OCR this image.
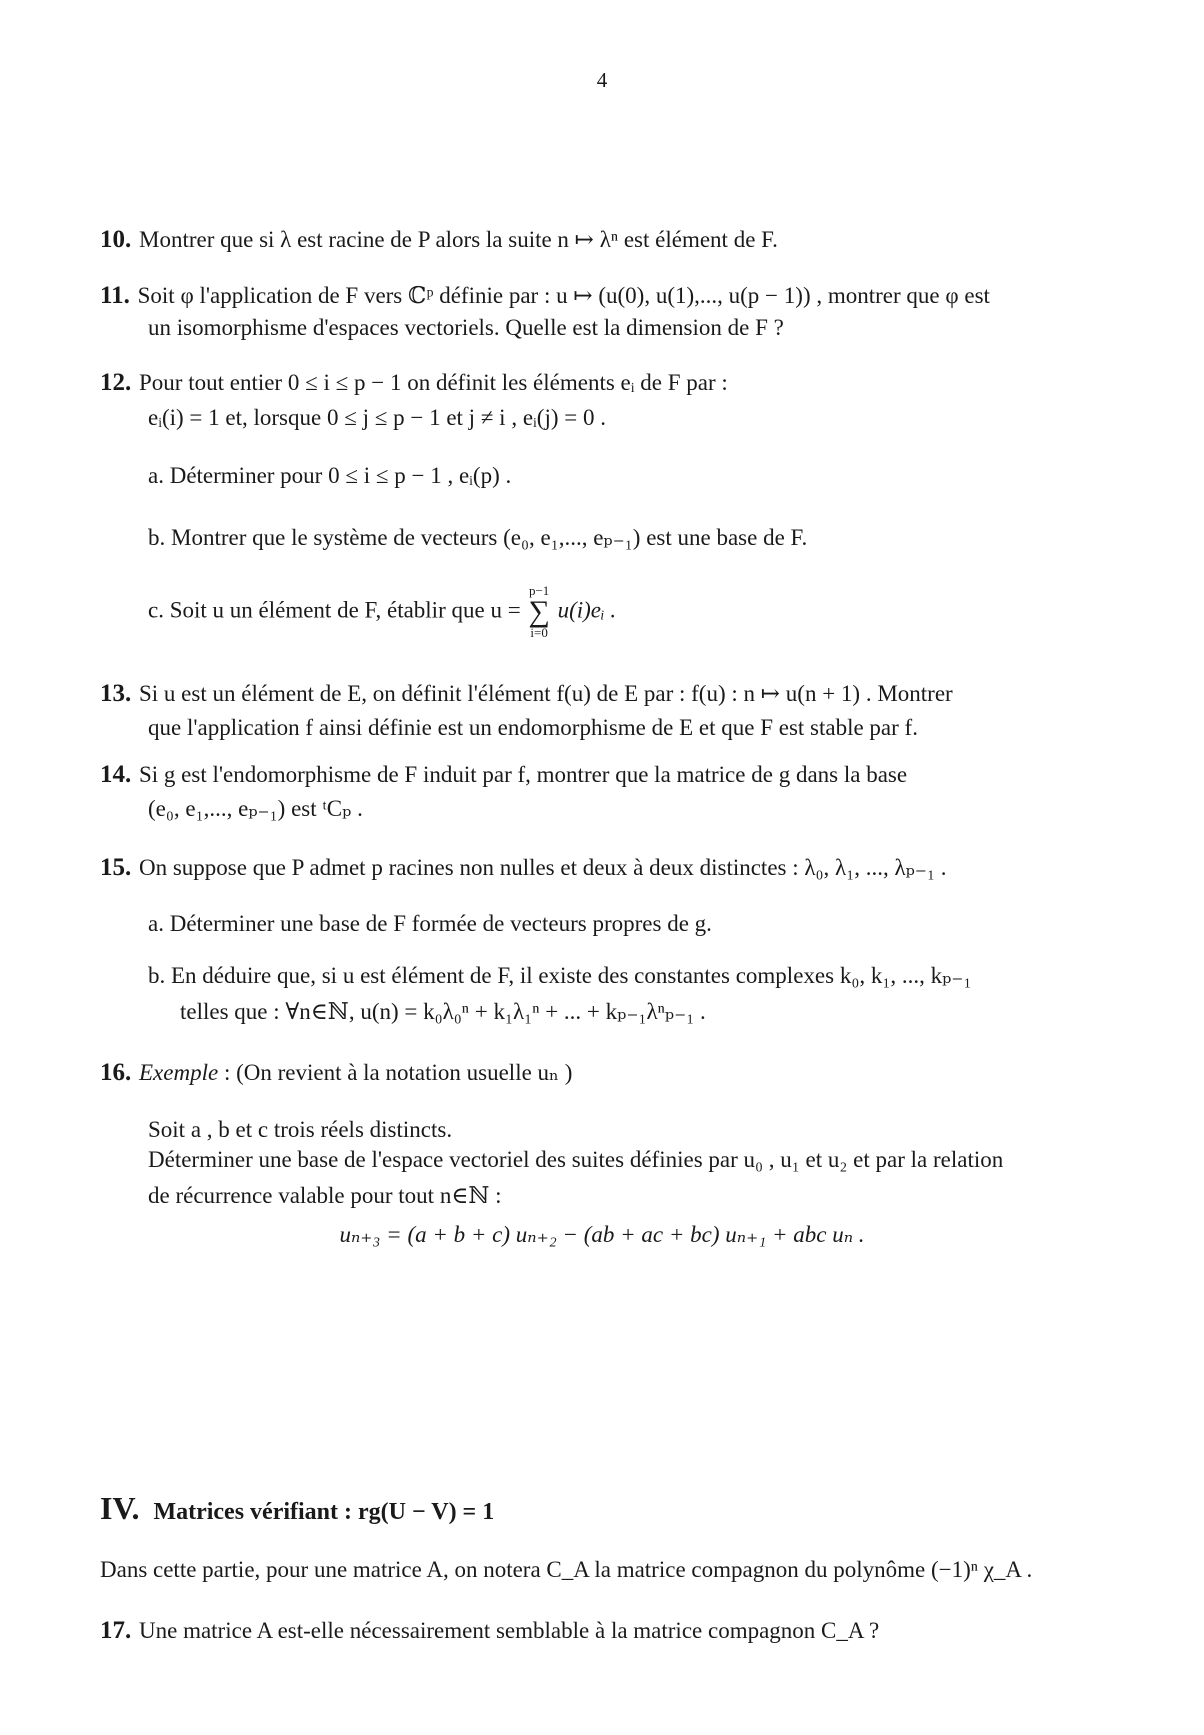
4
10. Montrer que si λ est racine de P alors la suite n ↦ λⁿ est élément de F.
11. Soit φ l'application de F vers ℂᵖ définie par : u ↦ (u(0), u(1),..., u(p − 1)) , montrer que φ est
un isomorphisme d'espaces vectoriels. Quelle est la dimension de F ?
12. Pour tout entier 0 ≤ i ≤ p − 1 on définit les éléments eᵢ de F par :
eᵢ(i) = 1 et, lorsque 0 ≤ j ≤ p − 1 et j ≠ i , eᵢ(j) = 0 .
a. Déterminer pour 0 ≤ i ≤ p − 1 , eᵢ(p) .
b. Montrer que le système de vecteurs (e₀, e₁,..., eₚ₋₁) est une base de F.
c. Soit u un élément de F, établir que u = p−1
∑
i=0 u(i)eᵢ .
13. Si u est un élément de E, on définit l'élément f(u) de E par : f(u) : n ↦ u(n + 1) . Montrer
que l'application f ainsi définie est un endomorphisme de E et que F est stable par f.
14. Si g est l'endomorphisme de F induit par f, montrer que la matrice de g dans la base
(e₀, e₁,..., eₚ₋₁) est ᵗCₚ .
15. On suppose que P admet p racines non nulles et deux à deux distinctes : λ₀, λ₁, ..., λₚ₋₁ .
a. Déterminer une base de F formée de vecteurs propres de g.
b. En déduire que, si u est élément de F, il existe des constantes complexes k₀, k₁, ..., kₚ₋₁
telles que : ∀n∈ℕ, u(n) = k₀λ₀ⁿ + k₁λ₁ⁿ + ... + kₚ₋₁λⁿₚ₋₁ .
16. Exemple : (On revient à la notation usuelle uₙ )
Soit a , b et c trois réels distincts.
Déterminer une base de l'espace vectoriel des suites définies par u₀ , u₁ et u₂ et par la relation
de récurrence valable pour tout n∈ℕ :
uₙ₊₃ = (a + b + c) uₙ₊₂ − (ab + ac + bc) uₙ₊₁ + abc uₙ .
IV. Matrices vérifiant : rg(U − V) = 1
Dans cette partie, pour une matrice A, on notera C_A la matrice compagnon du polynôme (−1)ⁿ χ_A .
17. Une matrice A est-elle nécessairement semblable à la matrice compagnon C_A ?
